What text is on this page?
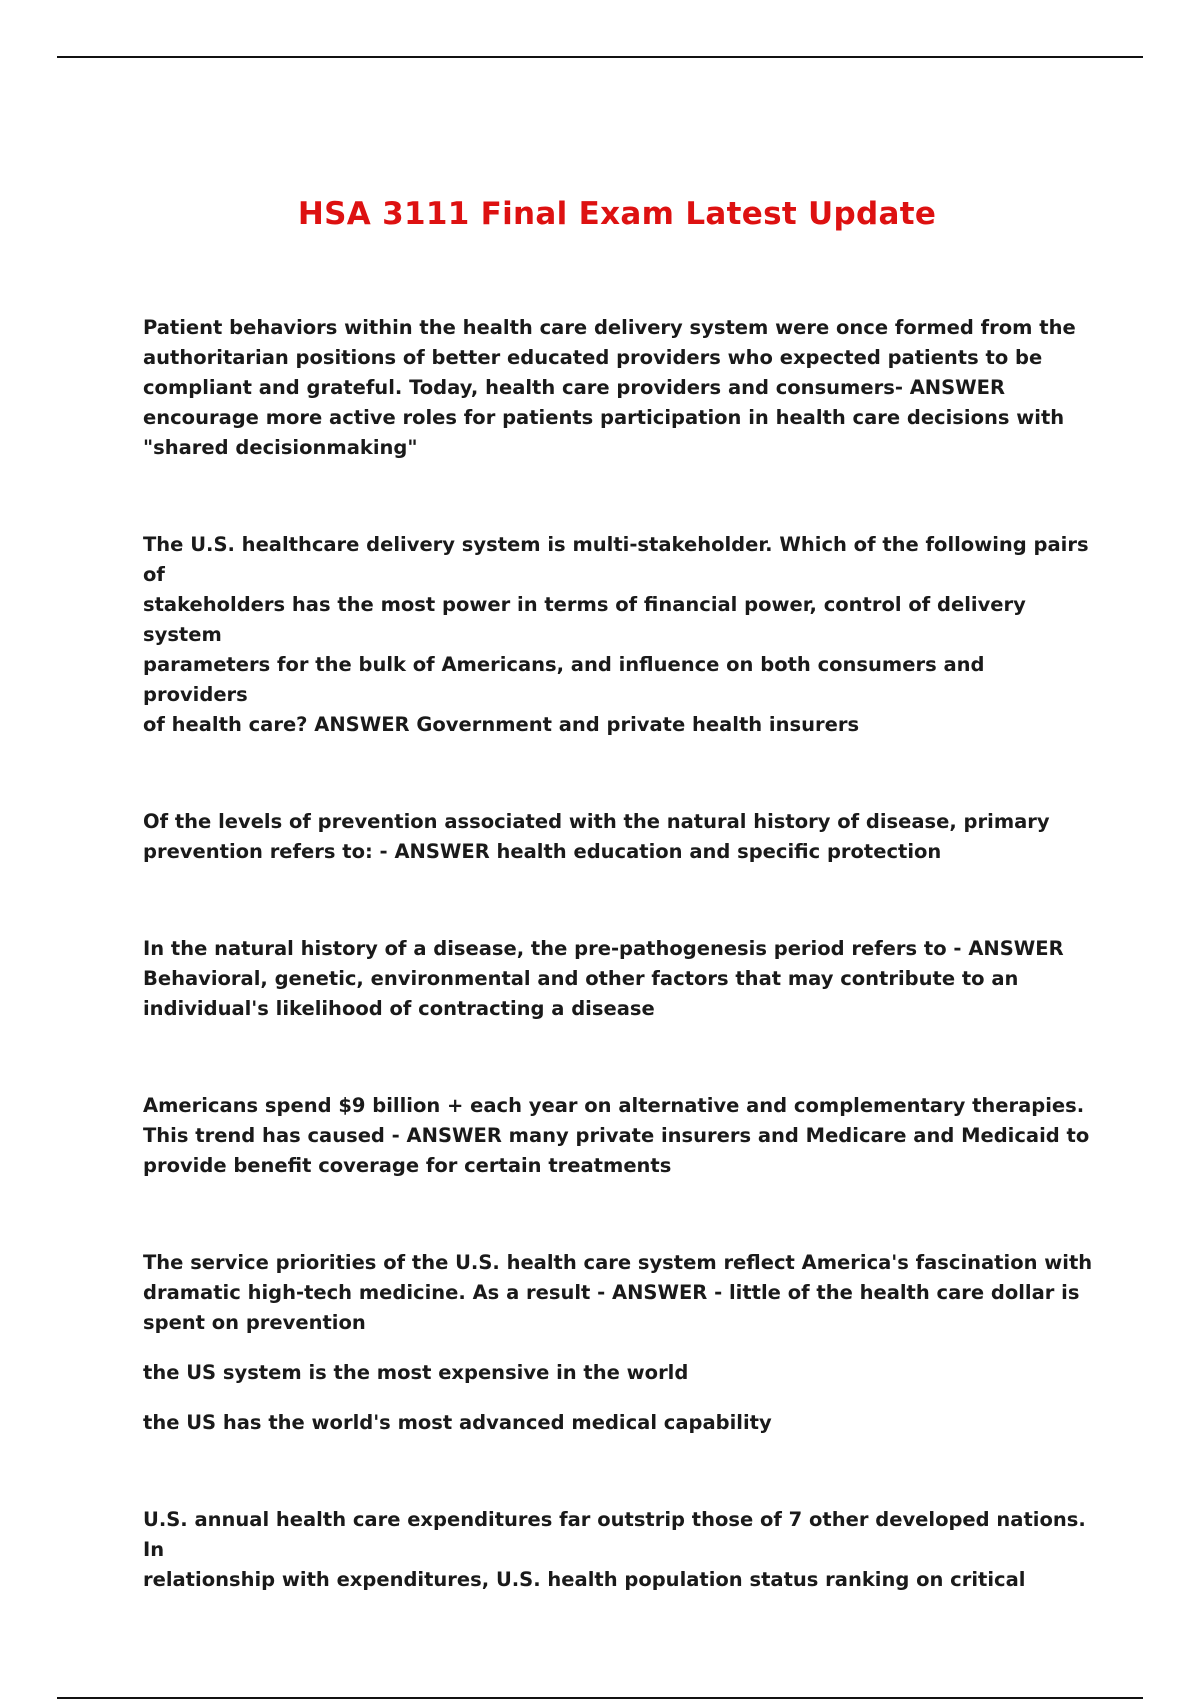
HSA 3111 Final Exam Latest Update

Patient behaviors within the health care delivery system were once formed from the

authoritarian positions of better educated providers who expected patients to be

compliant and grateful. Today, health care providers and consumers- ANSWER

encourage more active roles for patients participation in health care decisions with

"shared decisionmaking"

The U.S. healthcare delivery system is multi-stakeholder. Which of the following pairs of

stakeholders has the most power in terms of financial power, control of delivery system

parameters for the bulk of Americans, and influence on both consumers and providers

of health care? ANSWER Government and private health insurers

Of the levels of prevention associated with the natural history of disease, primary

prevention refers to: - ANSWER health education and specific protection

In the natural history of a disease, the pre-pathogenesis period refers to - ANSWER

Behavioral, genetic, environmental and other factors that may contribute to an

individual's likelihood of contracting a disease

Americans spend $9 billion + each year on alternative and complementary therapies.

This trend has caused - ANSWER many private insurers and Medicare and Medicaid to

provide benefit coverage for certain treatments

The service priorities of the U.S. health care system reflect America's fascination with

dramatic high-tech medicine. As a result - ANSWER - little of the health care dollar is

spent on prevention

the US system is the most expensive in the world

the US has the world's most advanced medical capability

U.S. annual health care expenditures far outstrip those of 7 other developed nations. In

relationship with expenditures, U.S. health population status ranking on critical
